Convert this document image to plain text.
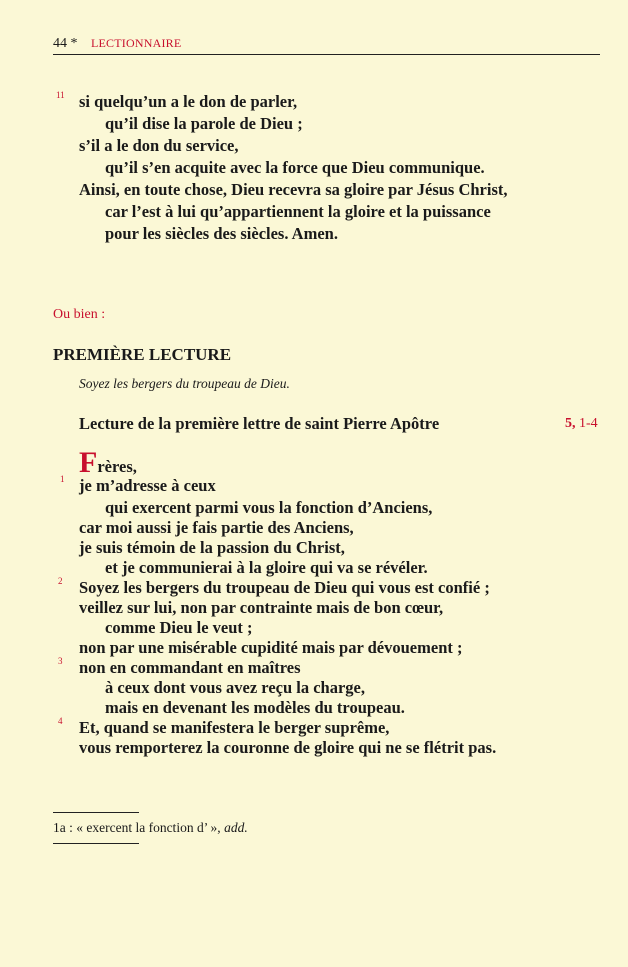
44 * LECTIONNAIRE
11 si quelqu’un a le don de parler,
qu’il dise la parole de Dieu ;
s’il a le don du service,
qu’il s’en acquite avec la force que Dieu communique.
Ainsi, en toute chose, Dieu recevra sa gloire par Jésus Christ,
car l’est à lui qu’appartiennent la gloire et la puissance
pour les siècles des siècles. Amen.
Ou bien :
PREMIÈRE LECTURE
Soyez les bergers du troupeau de Dieu.
Lecture de la première lettre de saint Pierre Apôtre	5, 1-4
Frères,
1
2
3
4
je m’adresse à ceux
qui exercent parmi vous la fonction d’Anciens,
car moi aussi je fais partie des Anciens,
je suis témoin de la passion du Christ,
et je communierai à la gloire qui va se révéler.
Soyez les bergers du troupeau de Dieu qui vous est confié ;
veillez sur lui, non par contrainte mais de bon cœur,
comme Dieu le veut ;
non par une misérable cupidité mais par dévouement ;
non en commandant en maîtres
à ceux dont vous avez reçu la charge,
mais en devenant les modèles du troupeau.
Et, quand se manifestera le berger suprême,
vous remporterez la couronne de gloire qui ne se flétrit pas.
1a : « exercent la fonction d’ », add.
